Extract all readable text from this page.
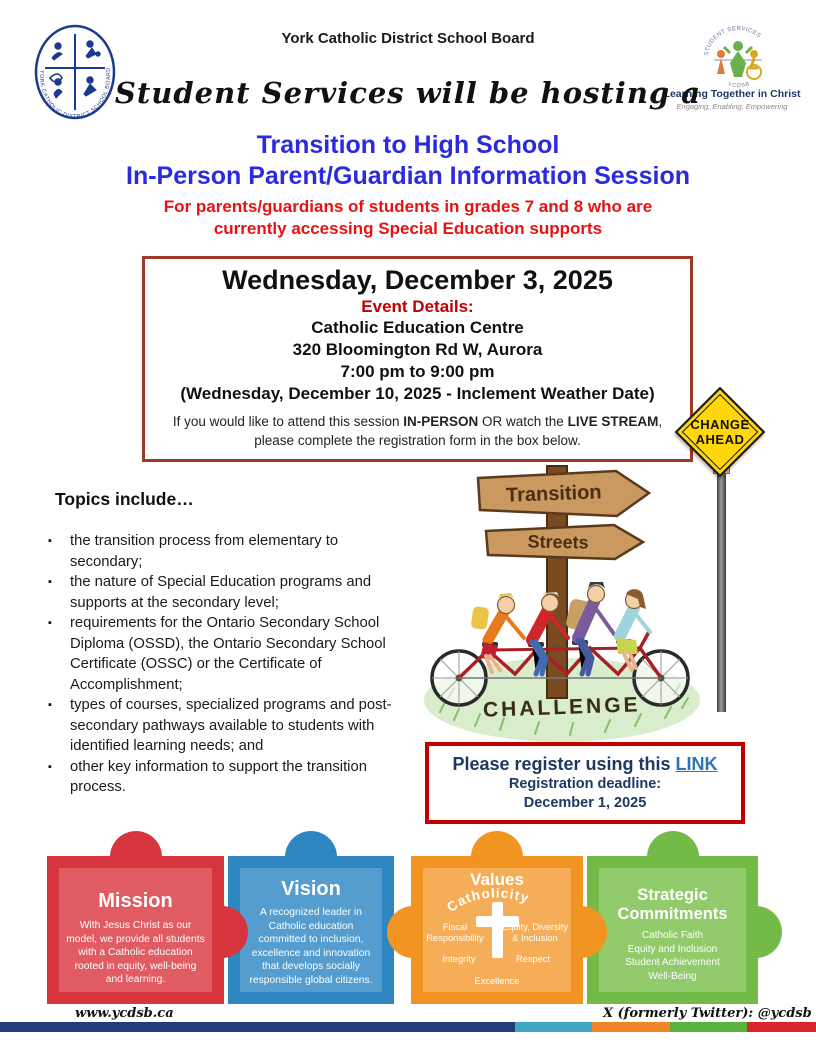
YORK CATHOLIC DISTRICT SCHOOL BOARD
STUDENT SERVICES
YCDSB
Learning Together in Christ
Engaging, Enabling, Empowering
York Catholic District School Board
Student Services will be hosting a
Transition to High School
In-Person Parent/Guardian Information Session
For parents/guardians of students in grades 7 and 8 who are
currently accessing Special Education supports
Wednesday, December 3, 2025
Event Details:
Catholic Education Centre
320 Bloomington Rd W, Aurora
7:00 pm to 9:00 pm
(Wednesday, December 10, 2025 - Inclement Weather Date)
If you would like to attend this session IN-PERSON OR watch the LIVE STREAM,
please complete the registration form in the box below.
CHANGE
AHEAD
Topics include…
▪ the transition process from elementary to secondary;
▪ the nature of Special Education programs and supports at the secondary level;
▪ requirements for the Ontario Secondary School Diploma (OSSD), the Ontario Secondary School Certificate (OSSC) or the Certificate of Accomplishment;
▪ types of courses, specialized programs and post-secondary pathways available to students with identified learning needs; and
▪ other key information to support the transition process.
Transition
Streets
CHALLENGE
Please register using this LINK
Registration deadline:
December 1, 2025
Mission
With Jesus Christ as our model, we provide all students with a Catholic education rooted in equity, well-being and learning.
Vision
A recognized leader in Catholic education committed to inclusion, excellence and innovation that develops socially responsible global citizens.
Values
Catholicity
Fiscal Responsibility
Equity, Diversity & Inclusion
Integrity	Respect
Excellence
Strategic Commitments
Catholic Faith
Equity and Inclusion
Student Achievement
Well-Being
www.ycdsb.ca	X (formerly Twitter): @ycdsb
